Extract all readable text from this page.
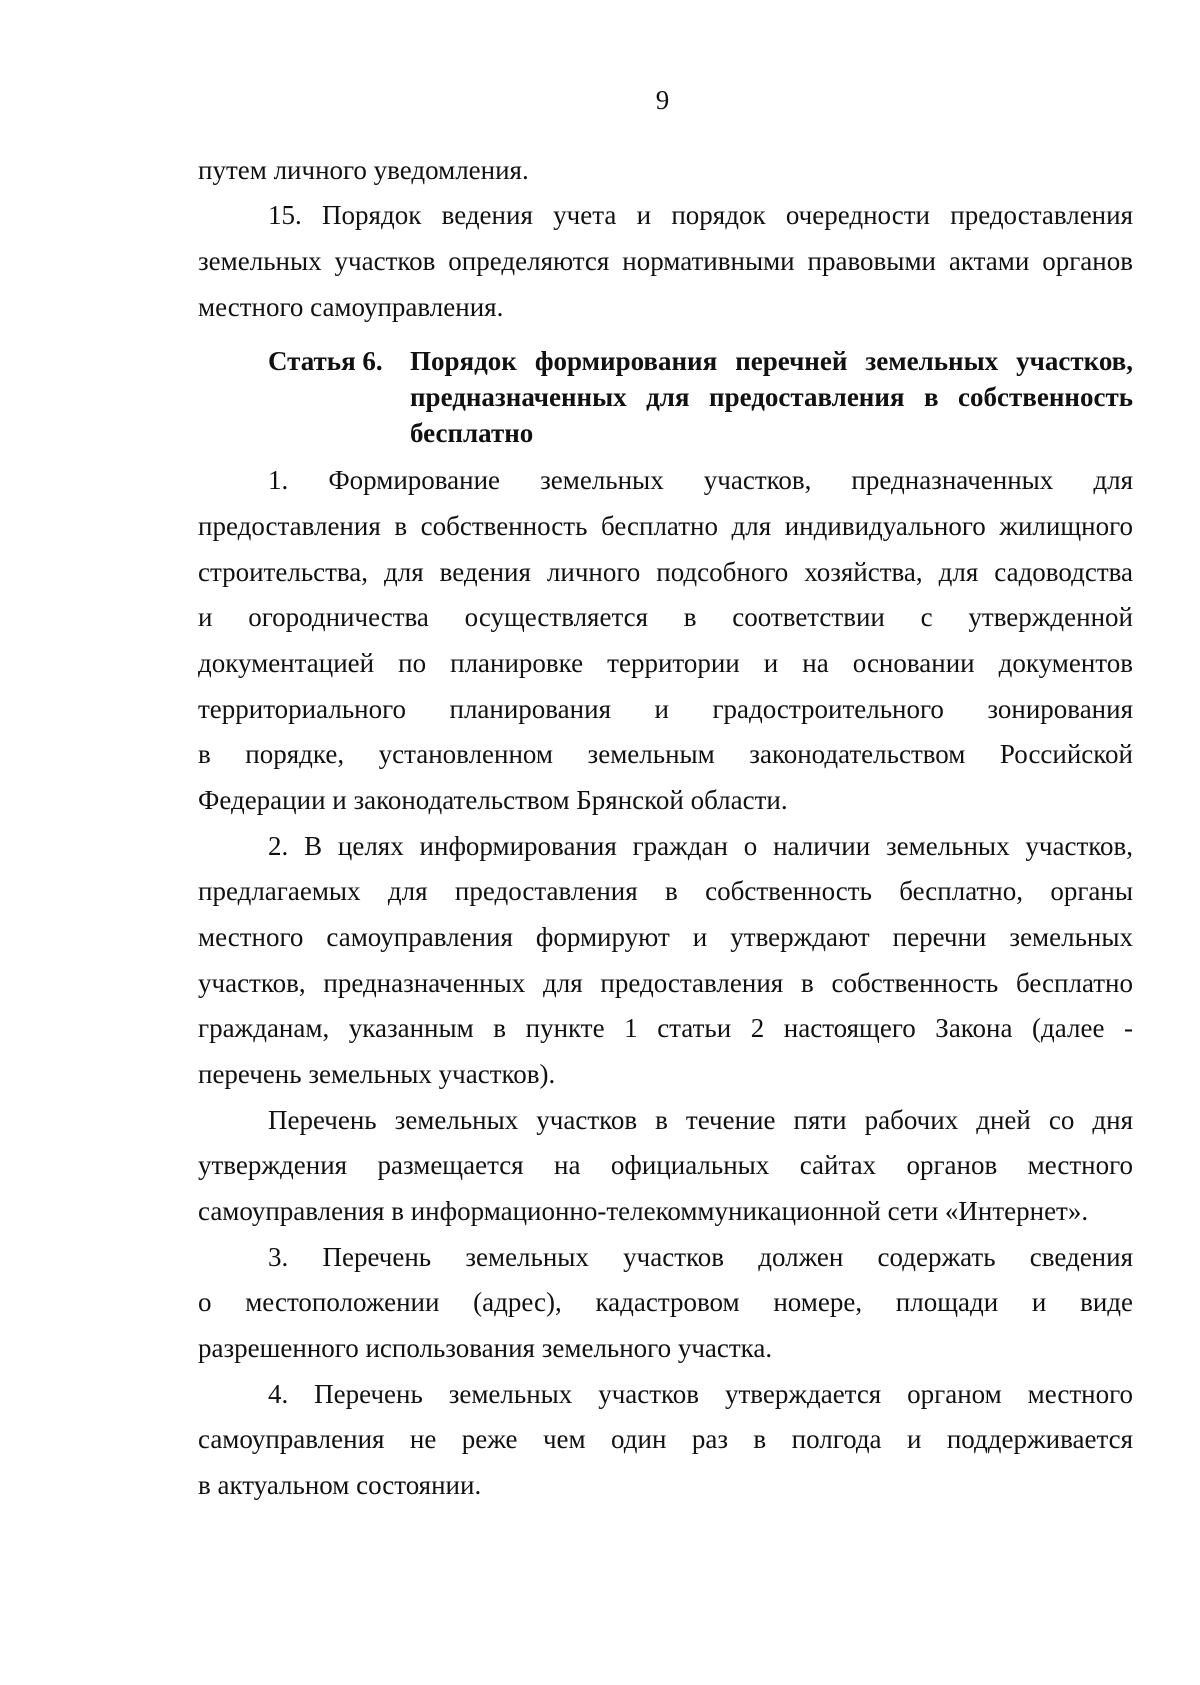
9
путем личного уведомления.
15. Порядок ведения учета и порядок очередности предоставления
земельных участков определяются нормативными правовыми актами органов
местного самоуправления.
Статья 6. Порядок формирования перечней земельных участков,
предназначенных для предоставления в собственность
бесплатно
1. Формирование земельных участков, предназначенных для
предоставления в собственность бесплатно для индивидуального жилищного
строительства, для ведения личного подсобного хозяйства, для садоводства
и огородничества осуществляется в соответствии с утвержденной
документацией по планировке территории и на основании документов
территориального планирования и градостроительного зонирования
в порядке, установленном земельным законодательством Российской
Федерации и законодательством Брянской области.
2. В целях информирования граждан о наличии земельных участков,
предлагаемых для предоставления в собственность бесплатно, органы
местного самоуправления формируют и утверждают перечни земельных
участков, предназначенных для предоставления в собственность бесплатно
гражданам, указанным в пункте 1 статьи 2 настоящего Закона (далее -
перечень земельных участков).
Перечень земельных участков в течение пяти рабочих дней со дня
утверждения размещается на официальных сайтах органов местного
самоуправления в информационно-телекоммуникационной сети «Интернет».
3. Перечень земельных участков должен содержать сведения
о местоположении (адрес), кадастровом номере, площади и виде
разрешенного использования земельного участка.
4. Перечень земельных участков утверждается органом местного
самоуправления не реже чем один раз в полгода и поддерживается
в актуальном состоянии.
